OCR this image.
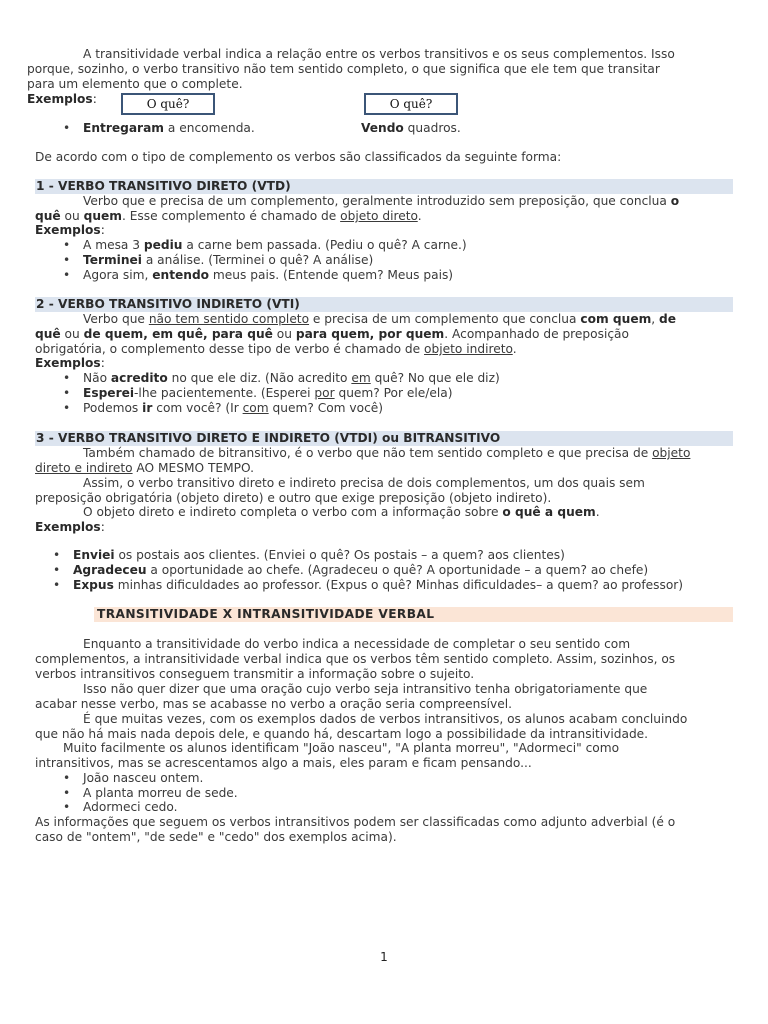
A transitividade verbal indica a relação entre os verbos transitivos e os seus complementos. Isso
porque, sozinho, o verbo transitivo não tem sentido completo, o que significa que ele tem que transitar
para um elemento que o complete.
Exemplos:	O quê?	O quê?
• Entregaram a encomenda.	Vendo quadros.
De acordo com o tipo de complemento os verbos são classificados da seguinte forma:
1 - VERBO TRANSITIVO DIRETO (VTD)
Verbo que e precisa de um complemento, geralmente introduzido sem preposição, que conclua o
quê ou quem. Esse complemento é chamado de objeto direto.
Exemplos:
• A mesa 3 pediu a carne bem passada. (Pediu o quê? A carne.)
• Terminei a análise. (Terminei o quê? A análise)
• Agora sim, entendo meus pais. (Entende quem? Meus pais)
2 - VERBO TRANSITIVO INDIRETO (VTI)
Verbo que não tem sentido completo e precisa de um complemento que conclua com quem, de
quê ou de quem, em quê, para quê ou para quem, por quem. Acompanhado de preposição
obrigatória, o complemento desse tipo de verbo é chamado de objeto indireto.
Exemplos:
• Não acredito no que ele diz. (Não acredito em quê? No que ele diz)
• Esperei-lhe pacientemente. (Esperei por quem? Por ele/ela)
• Podemos ir com você? (Ir com quem? Com você)
3 - VERBO TRANSITIVO DIRETO E INDIRETO (VTDI) ou BITRANSITIVO
Também chamado de bitransitivo, é o verbo que não tem sentido completo e que precisa de objeto
direto e indireto AO MESMO TEMPO.
Assim, o verbo transitivo direto e indireto precisa de dois complementos, um dos quais sem
preposição obrigatória (objeto direto) e outro que exige preposição (objeto indireto).
O objeto direto e indireto completa o verbo com a informação sobre o quê a quem.
Exemplos:
• Enviei os postais aos clientes. (Enviei o quê? Os postais – a quem? aos clientes)
• Agradeceu a oportunidade ao chefe. (Agradeceu o quê? A oportunidade – a quem? ao chefe)
• Expus minhas dificuldades ao professor. (Expus o quê? Minhas dificuldades– a quem? ao professor)
TRANSITIVIDADE X INTRANSITIVIDADE VERBAL
Enquanto a transitividade do verbo indica a necessidade de completar o seu sentido com
complementos, a intransitividade verbal indica que os verbos têm sentido completo. Assim, sozinhos, os
verbos intransitivos conseguem transmitir a informação sobre o sujeito.
Isso não quer dizer que uma oração cujo verbo seja intransitivo tenha obrigatoriamente que
acabar nesse verbo, mas se acabasse no verbo a oração seria compreensível.
É que muitas vezes, com os exemplos dados de verbos intransitivos, os alunos acabam concluindo
que não há mais nada depois dele, e quando há, descartam logo a possibilidade da intransitividade.
Muito facilmente os alunos identificam "João nasceu", "A planta morreu", "Adormeci" como
intransitivos, mas se acrescentamos algo a mais, eles param e ficam pensando...
• João nasceu ontem.
• A planta morreu de sede.
• Adormeci cedo.
As informações que seguem os verbos intransitivos podem ser classificadas como adjunto adverbial (é o
caso de "ontem", "de sede" e "cedo" dos exemplos acima).
1
